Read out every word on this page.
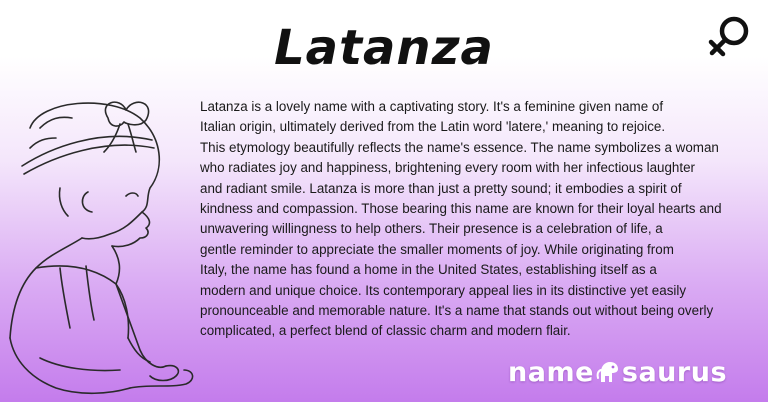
Latanza

Latanza is a lovely name with a captivating story. It's a feminine given name of
Italian origin, ultimately derived from the Latin word 'latere,' meaning to rejoice.
This etymology beautifully reflects the name's essence. The name symbolizes a woman
who radiates joy and happiness, brightening every room with her infectious laughter
and radiant smile. Latanza is more than just a pretty sound; it embodies a spirit of
kindness and compassion. Those bearing this name are known for their loyal hearts and
unwavering willingness to help others. Their presence is a celebration of life, a
gentle reminder to appreciate the smaller moments of joy. While originating from
Italy, the name has found a home in the United States, establishing itself as a
modern and unique choice. Its contemporary appeal lies in its distinctive yet easily
pronounceable and memorable nature. It's a name that stands out without being overly
complicated, a perfect blend of classic charm and modern flair.

name saurus
